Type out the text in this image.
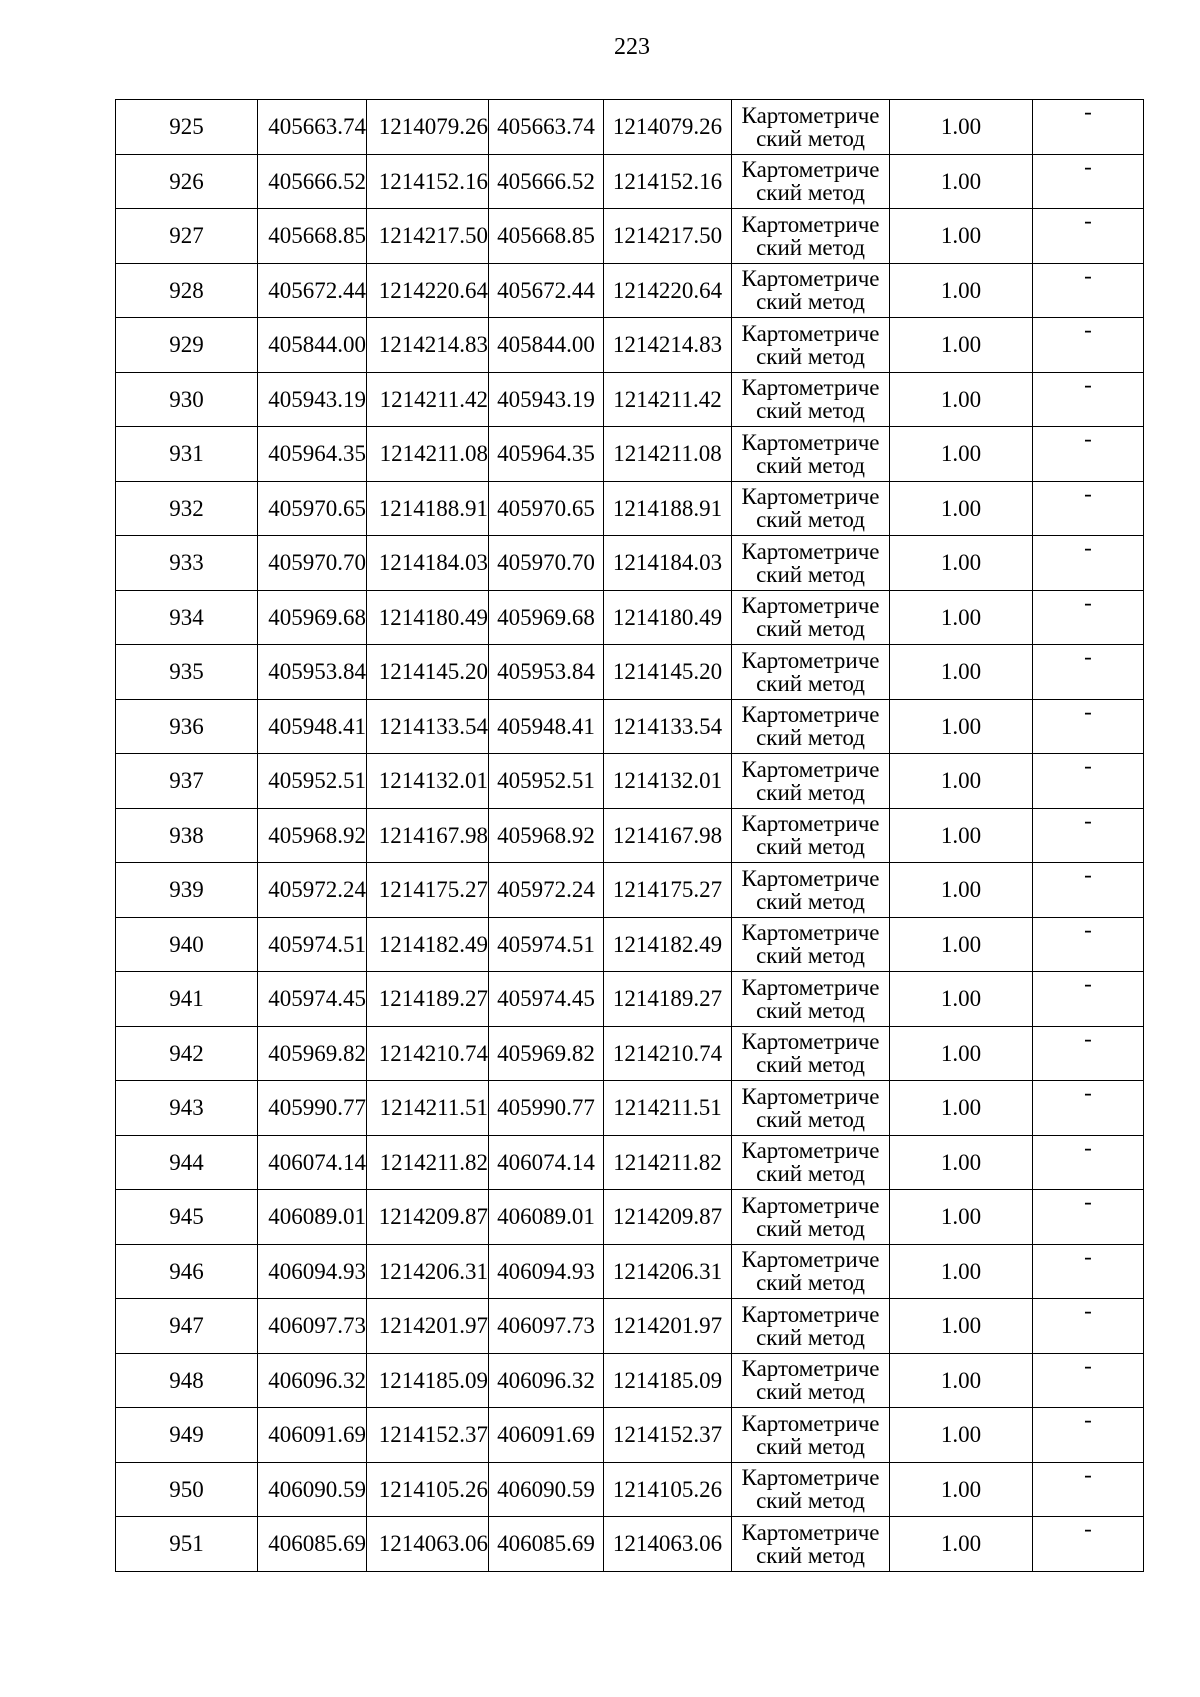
223
925	405663.74	1214079.26	405663.74	1214079.26	Картометриче
ский метод	1.00	-
926	405666.52	1214152.16	405666.52	1214152.16	Картометриче
ский метод	1.00	-
927	405668.85	1214217.50	405668.85	1214217.50	Картометриче
ский метод	1.00	-
928	405672.44	1214220.64	405672.44	1214220.64	Картометриче
ский метод	1.00	-
929	405844.00	1214214.83	405844.00	1214214.83	Картометриче
ский метод	1.00	-
930	405943.19	1214211.42	405943.19	1214211.42	Картометриче
ский метод	1.00	-
931	405964.35	1214211.08	405964.35	1214211.08	Картометриче
ский метод	1.00	-
932	405970.65	1214188.91	405970.65	1214188.91	Картометриче
ский метод	1.00	-
933	405970.70	1214184.03	405970.70	1214184.03	Картометриче
ский метод	1.00	-
934	405969.68	1214180.49	405969.68	1214180.49	Картометриче
ский метод	1.00	-
935	405953.84	1214145.20	405953.84	1214145.20	Картометриче
ский метод	1.00	-
936	405948.41	1214133.54	405948.41	1214133.54	Картометриче
ский метод	1.00	-
937	405952.51	1214132.01	405952.51	1214132.01	Картометриче
ский метод	1.00	-
938	405968.92	1214167.98	405968.92	1214167.98	Картометриче
ский метод	1.00	-
939	405972.24	1214175.27	405972.24	1214175.27	Картометриче
ский метод	1.00	-
940	405974.51	1214182.49	405974.51	1214182.49	Картометриче
ский метод	1.00	-
941	405974.45	1214189.27	405974.45	1214189.27	Картометриче
ский метод	1.00	-
942	405969.82	1214210.74	405969.82	1214210.74	Картометриче
ский метод	1.00	-
943	405990.77	1214211.51	405990.77	1214211.51	Картометриче
ский метод	1.00	-
944	406074.14	1214211.82	406074.14	1214211.82	Картометриче
ский метод	1.00	-
945	406089.01	1214209.87	406089.01	1214209.87	Картометриче
ский метод	1.00	-
946	406094.93	1214206.31	406094.93	1214206.31	Картометриче
ский метод	1.00	-
947	406097.73	1214201.97	406097.73	1214201.97	Картометриче
ский метод	1.00	-
948	406096.32	1214185.09	406096.32	1214185.09	Картометриче
ский метод	1.00	-
949	406091.69	1214152.37	406091.69	1214152.37	Картометриче
ский метод	1.00	-
950	406090.59	1214105.26	406090.59	1214105.26	Картометриче
ский метод	1.00	-
951	406085.69	1214063.06	406085.69	1214063.06	Картометриче
ский метод	1.00	-
